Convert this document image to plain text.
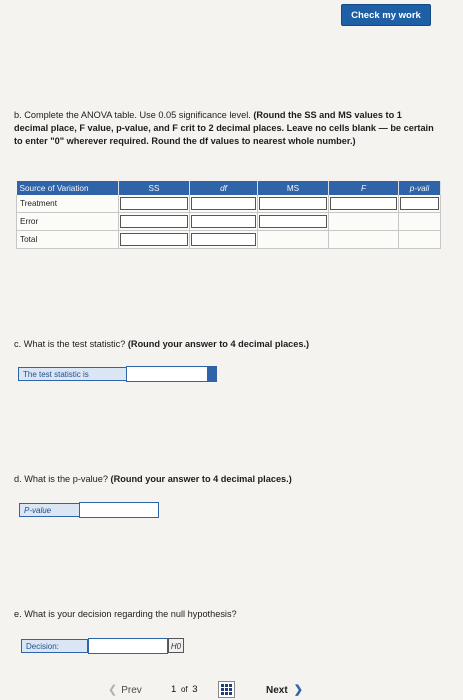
Check my work
b. Complete the ANOVA table. Use 0.05 significance level. (Round the SS and MS values to 1 decimal place, F value, p-value, and F crit to 2 decimal places. Leave no cells blank — be certain to enter "0" wherever required. Round the df values to nearest whole number.)
Source of Variation	SS	df	MS	F	p-vali
Treatment	

Error	

Total	

c. What is the test statistic? (Round your answer to 4 decimal places.)
The test statistic is
d. What is the p-value? (Round your answer to 4 decimal places.)
P-value
e. What is your decision regarding the null hypothesis?
Decision:	H0
❮ Prev	1 of 3	Next ❯
